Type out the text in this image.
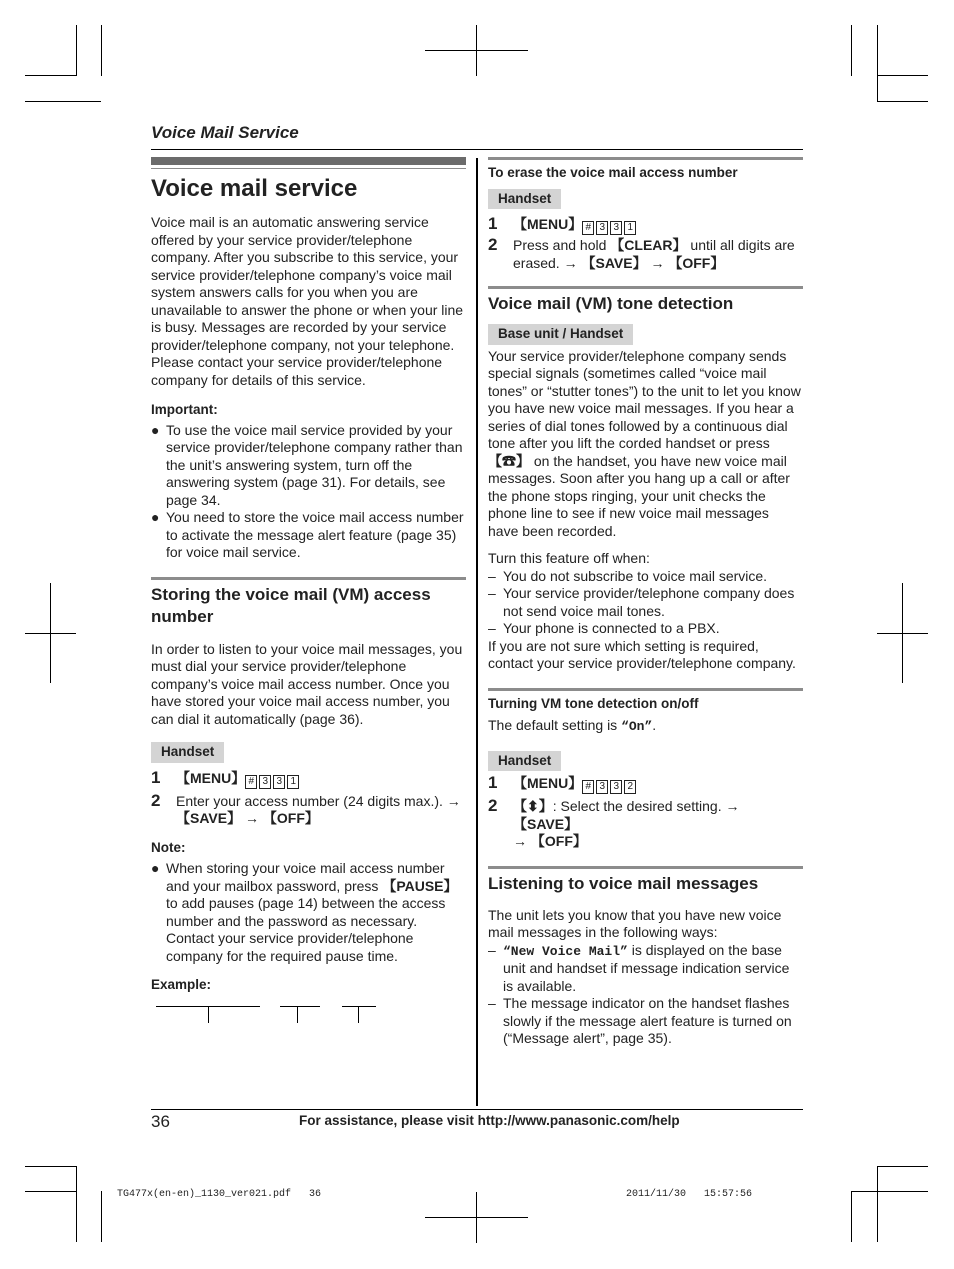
Voice Mail Service

Voice mail service

Voice mail is an automatic answering service offered by your service provider/telephone company. After you subscribe to this service, your service provider/telephone company’s voice mail system answers calls for you when you are unavailable to answer the phone or when your line is busy. Messages are recorded by your service provider/telephone company, not your telephone. Please contact your service provider/telephone company for details of this service.

Important:

● To use the voice mail service provided by your service provider/telephone company rather than the unit’s answering system, turn off the answering system (page 31). For details, see page 34.
● You need to store the voice mail access number to activate the message alert feature (page 35) for voice mail service.

Storing the voice mail (VM) access number

In order to listen to your voice mail messages, you must dial your service provider/telephone company’s voice mail access number. Once you have stored your voice mail access number, you can dial it automatically (page 36).

Handset
1 【MENU】 # 3 3 1
2 Enter your access number (24 digits max.). →
【SAVE】 → 【OFF】

Note:

● When storing your voice mail access number and your mailbox password, press 【PAUSE】 to add pauses (page 14) between the access number and the password as necessary. Contact your service provider/telephone company for the required pause time.

Example:

To erase the voice mail access number

Handset
1 【MENU】 # 3 3 1
2 Press and hold 【CLEAR】 until all digits are erased. → 【SAVE】 → 【OFF】

Voice mail (VM) tone detection

Base unit / Handset

Your service provider/telephone company sends special signals (sometimes called “voice mail tones” or “stutter tones”) to the unit to let you know you have new voice mail messages. If you hear a series of dial tones followed by a continuous dial tone after you lift the corded handset or press 【☎】 on the handset, you have new voice mail messages. Soon after you hang up a call or after the phone stops ringing, your unit checks the phone line to see if new voice mail messages have been recorded.

Turn this feature off when:

– You do not subscribe to voice mail service.
– Your service provider/telephone company does not send voice mail tones.
– Your phone is connected to a PBX.

If you are not sure which setting is required, contact your service provider/telephone company.

Turning VM tone detection on/off

The default setting is “On”.

Handset
1 【MENU】 # 3 3 2
2 【⬍】: Select the desired setting. → 【SAVE】
→ 【OFF】

Listening to voice mail messages

The unit lets you know that you have new voice mail messages in the following ways:

– “New Voice Mail” is displayed on the base unit and handset if message indication service is available.
– The message indicator on the handset flashes slowly if the message alert feature is turned on (“Message alert”, page 35).
36	For assistance, please visit http://www.panasonic.com/help
TG477x(en-en)_1130_ver021.pdf   36	2011/11/30   15:57:56
